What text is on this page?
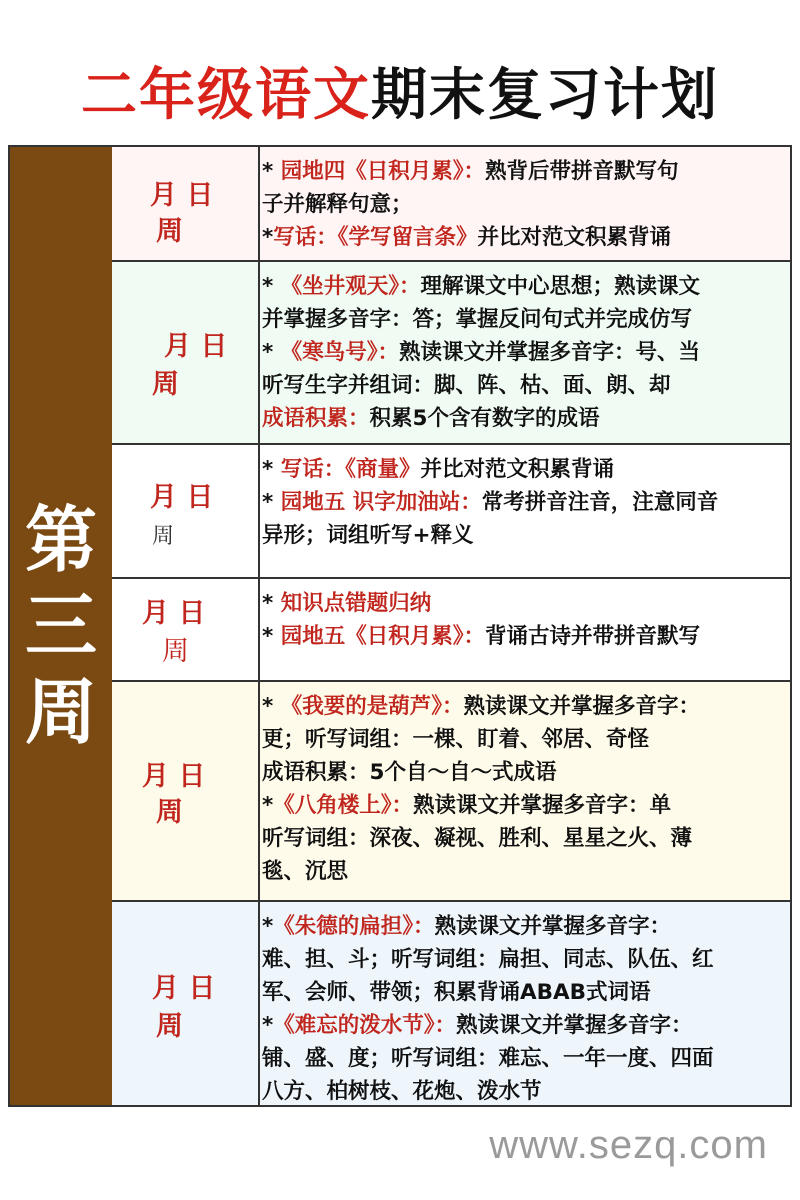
二年级语文期末复习计划
第
三
周
月 日
周

* 园地四《日积月累》：熟背后带拼音默写句

子并解释句意；

*写话：《学写留言条》并比对范文积累背诵

月 日
周

* 《坐井观天》：理解课文中心思想；熟读课文

并掌握多音字：答；掌握反问句式并完成仿写

* 《寒鸟号》：熟读课文并掌握多音字：号、当

听写生字并组词：脚、阵、枯、面、朗、却

成语积累：积累5个含有数字的成语

月 日
周

* 写话：《商量》并比对范文积累背诵

* 园地五 识字加油站：常考拼音注音，注意同音

异形；词组听写+释义

月 日
周

* 知识点错题归纳

* 园地五《日积月累》：背诵古诗并带拼音默写

月 日
周

* 《我要的是葫芦》：熟读课文并掌握多音字：

更；听写词组：一棵、盯着、邻居、奇怪

成语积累：5个自～自～式成语

*《八角楼上》：熟读课文并掌握多音字：单

听写词组：深夜、凝视、胜利、星星之火、薄

毯、沉思

月 日
周

*《朱德的扁担》：熟读课文并掌握多音字：

难、担、斗；听写词组：扁担、同志、队伍、红

军、会师、带领；积累背诵ABAB式词语

*《难忘的泼水节》：熟读课文并掌握多音字：

铺、盛、度；听写词组：难忘、一年一度、四面

八方、柏树枝、花炮、泼水节

www.sezq.com
